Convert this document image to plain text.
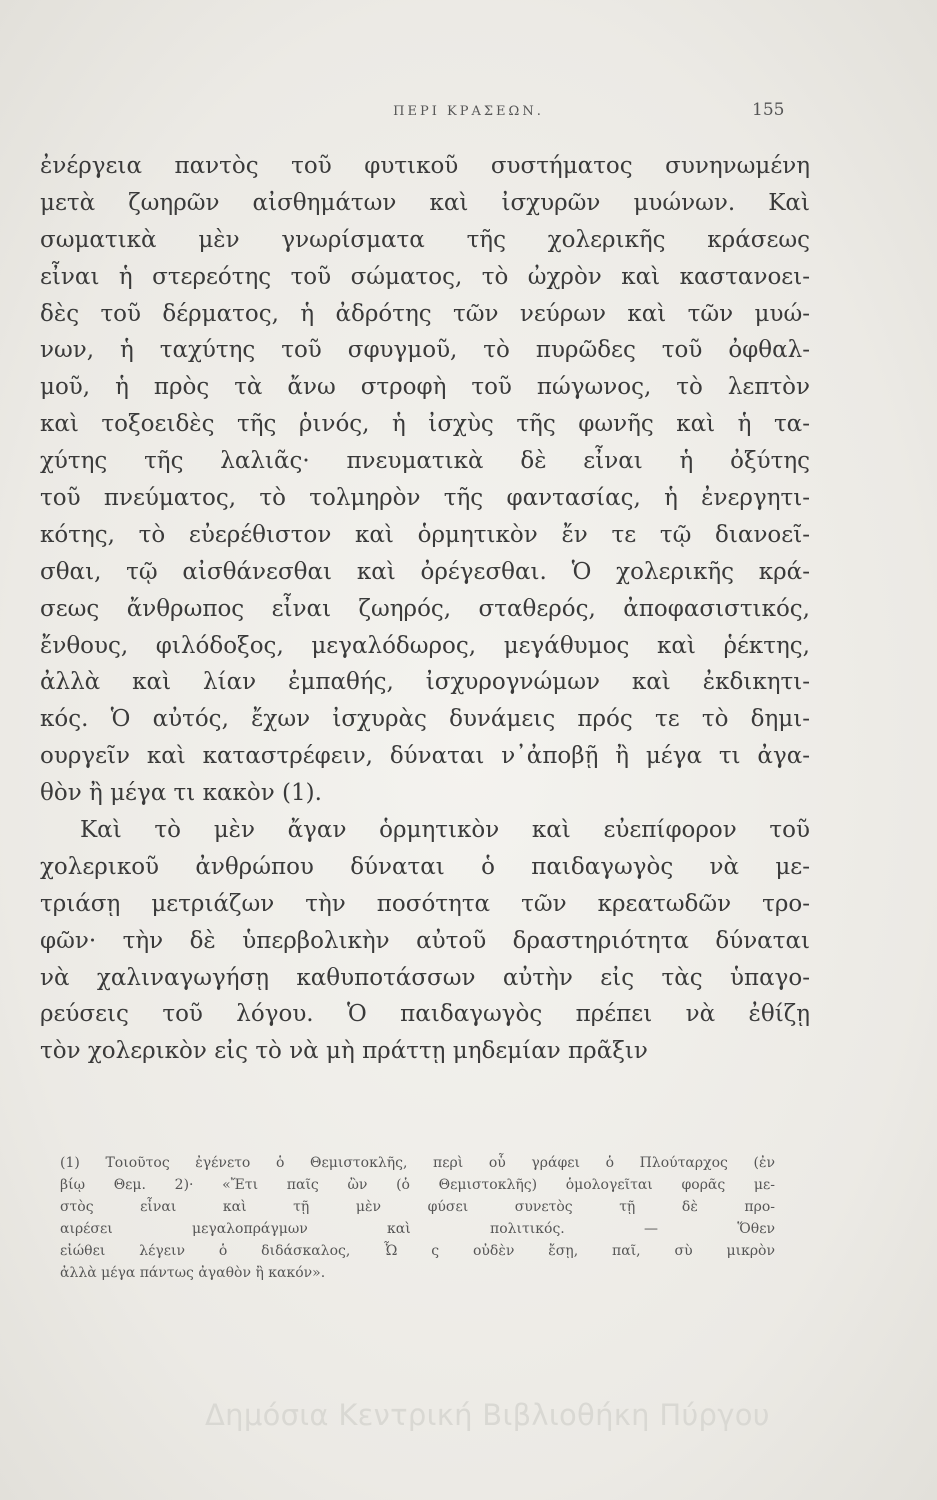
ΠΕΡΙ ΚΡΑΣΕΩΝ.	155
ἐνέργεια παντὸς τοῦ φυτικοῦ συστήματος συνηνωμένη
μετὰ ζωηρῶν αἰσθημάτων καὶ ἰσχυρῶν μυώνων. Καὶ
σωματικὰ μὲν γνωρίσματα τῆς χολερικῆς κράσεως
εἶναι ἡ στερεότης τοῦ σώματος, τὸ ὠχρὸν καὶ καστανοει-
δὲς τοῦ δέρματος, ἡ ἀδρότης τῶν νεύρων καὶ τῶν μυώ-
νων, ἡ ταχύτης τοῦ σφυγμοῦ, τὸ πυρῶδες τοῦ ὀφθαλ-
μοῦ, ἡ πρὸς τὰ ἄνω στροφὴ τοῦ πώγωνος, τὸ λεπτὸν
καὶ τοξοειδὲς τῆς ῥινός, ἡ ἰσχὺς τῆς φωνῆς καὶ ἡ τα-
χύτης τῆς λαλιᾶς· πνευματικὰ δὲ εἶναι ἡ ὀξύτης
τοῦ πνεύματος, τὸ τολμηρὸν τῆς φαντασίας, ἡ ἐνεργητι-
κότης, τὸ εὐερέθιστον καὶ ὁρμητικὸν ἔν τε τῷ διανοεῖ-
σθαι, τῷ αἰσθάνεσθαι καὶ ὀρέγεσθαι. Ὁ χολερικῆς κρά-
σεως ἄνθρωπος εἶναι ζωηρός, σταθερός, ἀποφασιστικός,
ἔνθους, φιλόδοξος, μεγαλόδωρος, μεγάθυμος καὶ ῥέκτης,
ἀλλὰ καὶ λίαν ἐμπαθής, ἰσχυρογνώμων καὶ ἐκδικητι-
κός. Ὁ αὐτός, ἔχων ἰσχυρὰς δυνάμεις πρός τε τὸ δημι-
ουργεῖν καὶ καταστρέφειν, δύναται ν᾿ἀποβῇ ἢ μέγα τι ἀγα-
θὸν ἢ μέγα τι κακὸν (1).
Καὶ τὸ μὲν ἄγαν ὁρμητικὸν καὶ εὐεπίφορον τοῦ
χολερικοῦ ἀνθρώπου δύναται ὁ παιδαγωγὸς νὰ με-
τριάσῃ μετριάζων τὴν ποσότητα τῶν κρεατωδῶν τρο-
φῶν· τὴν δὲ ὑπερβολικὴν αὐτοῦ δραστηριότητα δύναται
νὰ χαλιναγωγήσῃ καθυποτάσσων αὐτὴν εἰς τὰς ὑπαγο-
ρεύσεις τοῦ λόγου. Ὁ παιδαγωγὸς πρέπει νὰ ἐθίζῃ
τὸν χολερικὸν εἰς τὸ νὰ μὴ πράττῃ μηδεμίαν πρᾶξιν
(1) Τοιοῦτος ἐγένετο ὁ Θεμιστοκλῆς, περὶ οὗ γράφει ὁ Πλούταρχος (ἐν
βίῳ Θεμ. 2)· «Ἔτι παῖς ὢν (ὁ Θεμιστοκλῆς) ὁμολογεῖται φορᾶς με-
στὸς εἶναι καὶ τῇ μὲν φύσει συνετὸς τῇ δὲ προ-
αιρέσει μεγαλοπράγμων καὶ πολιτικός. — Ὅθεν
εἰώθει λέγειν ὁ διδάσκαλος, Ὦ ς οὐδὲν ἔσῃ, παῖ, σὺ μικρὸν
ἀλλὰ μέγα πάντως ἀγαθὸν ἢ κακόν».
Δημόσια Κεντρική Βιβλιοθήκη Πύργου
